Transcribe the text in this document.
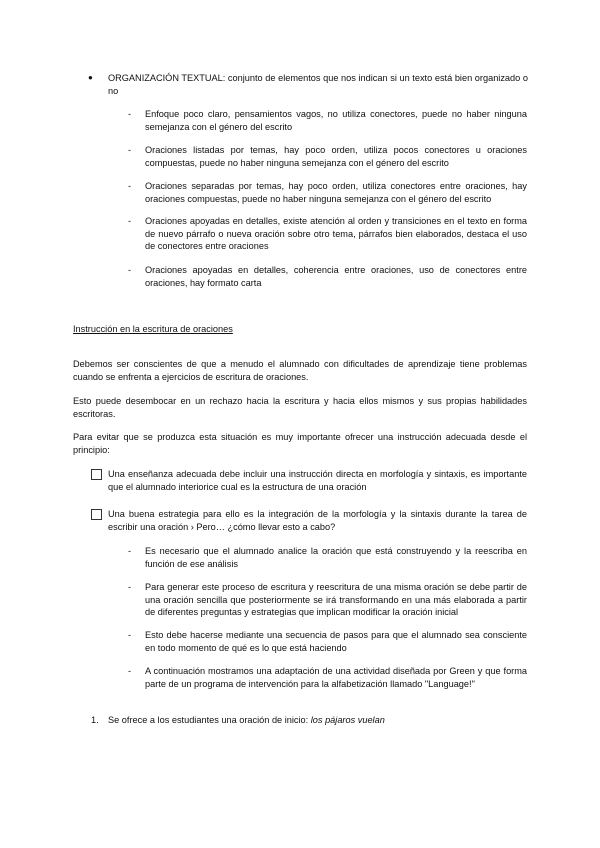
● ORGANIZACIÓN TEXTUAL: conjunto de elementos que nos indican si un texto está bien organizado o no
- Enfoque poco claro, pensamientos vagos, no utiliza conectores, puede no haber ninguna semejanza con el género del escrito
- Oraciones listadas por temas, hay poco orden, utiliza pocos conectores u oraciones compuestas, puede no haber ninguna semejanza con el género del escrito
- Oraciones separadas por temas, hay poco orden, utiliza conectores entre oraciones, hay oraciones compuestas, puede no haber ninguna semejanza con el género del escrito
- Oraciones apoyadas en detalles, existe atención al orden y transiciones en el texto en forma de nuevo párrafo o nueva oración sobre otro tema, párrafos bien elaborados, destaca el uso de conectores entre oraciones
- Oraciones apoyadas en detalles, coherencia entre oraciones, uso de conectores entre oraciones, hay formato carta
Instrucción en la escritura de oraciones
Debemos ser conscientes de que a menudo el alumnado con dificultades de aprendizaje tiene problemas cuando se enfrenta a ejercicios de escritura de oraciones.
Esto puede desembocar en un rechazo hacia la escritura y hacia ellos mismos y sus propias habilidades escritoras.
Para evitar que se produzca esta situación es muy importante ofrecer una instrucción adecuada desde el principio:
Una enseñanza adecuada debe incluir una instrucción directa en morfología y sintaxis, es importante que el alumnado interiorice cual es la estructura de una oración
Una buena estrategia para ello es la integración de la morfología y la sintaxis durante la tarea de escribir una oración › Pero… ¿cómo llevar esto a cabo?
- Es necesario que el alumnado analice la oración que está construyendo y la reescriba en función de ese análisis
- Para generar este proceso de escritura y reescritura de una misma oración se debe partir de una oración sencilla que posteriormente se irá transformando en una más elaborada a partir de diferentes preguntas y estrategias que implican modificar la oración inicial
- Esto debe hacerse mediante una secuencia de pasos para que el alumnado sea consciente en todo momento de qué es lo que está haciendo
- A continuación mostramos una adaptación de una actividad diseñada por Green y que forma parte de un programa de intervención para la alfabetización llamado "Language!"
1. Se ofrece a los estudiantes una oración de inicio: los pájaros vuelan
